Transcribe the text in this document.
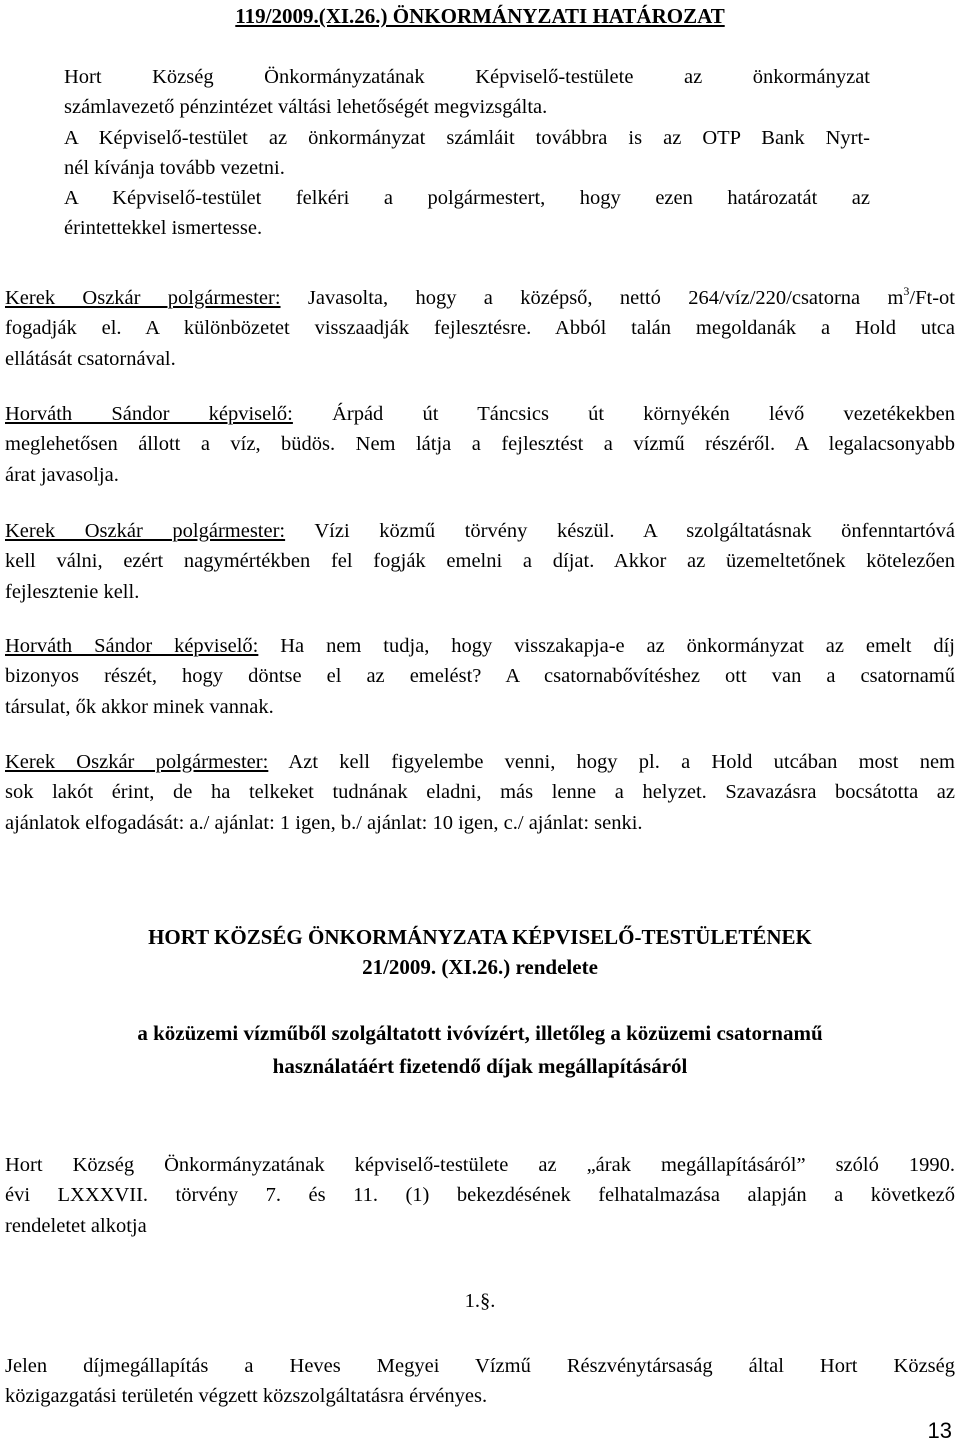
119/2009.(XI.26.) ÖNKORMÁNYZATI HATÁROZAT
Hort Község Önkormányzatának Képviselő-testülete az önkormányzat
számlavezető pénzintézet váltási lehetőségét megvizsgálta.
A Képviselő-testület az önkormányzat számláit továbbra is az OTP Bank Nyrt-
nél kívánja tovább vezetni.
A Képviselő-testület felkéri a polgármestert, hogy ezen határozatát az
érintettekkel ismertesse.
Kerek Oszkár polgármester: Javasolta, hogy a középső, nettó 264/víz/220/csatorna $m^3/Ft-ot$
fogadják el. A különbözetet visszaadják fejlesztésre. Abból talán megoldanák a Hold utca
ellátását csatornával.
Horváth Sándor képviselő: Árpád út Táncsics út környékén lévő vezetékekben
meglehetősen állott a víz, büdös. Nem látja a fejlesztést a vízmű részéről. A legalacsonyabb
árat javasolja.
Kerek Oszkár polgármester: Vízi közmű törvény készül. A szolgáltatásnak önfenntartóvá
kell válni, ezért nagymértékben fel fogják emelni a díjat. Akkor az üzemeltetőnek kötelezően
fejlesztenie kell.
Horváth Sándor képviselő: Ha nem tudja, hogy visszakapja-e az önkormányzat az emelt díj
bizonyos részét, hogy döntse el az emelést? A csatornabővítéshez ott van a csatornamű
társulat, ők akkor minek vannak.
Kerek Oszkár polgármester: Azt kell figyelembe venni, hogy pl. a Hold utcában most nem
sok lakót érint, de ha telkeket tudnának eladni, más lenne a helyzet. Szavazásra bocsátotta az
ajánlatok elfogadását: a./ ajánlat: 1 igen, b./ ajánlat: 10 igen, c./ ajánlat: senki.
HORT KÖZSÉG ÖNKORMÁNYZATA KÉPVISELŐ-TESTÜLETÉNEK
21/2009. (XI.26.) rendelete
a közüzemi vízműből szolgáltatott ivóvízért, illetőleg a közüzemi csatornamű
használatáért fizetendő díjak megállapításáról
Hort Község Önkormányzatának képviselő-testülete az „árak megállapításáról” szóló 1990.
évi LXXXVII. törvény 7. és 11. (1) bekezdésének felhatalmazása alapján a következő
rendeletet alkotja
1.§.
Jelen díjmegállapítás a Heves Megyei Vízmű Részvénytársaság által Hort Község
közigazgatási területén végzett közszolgáltatásra érvényes.
13
